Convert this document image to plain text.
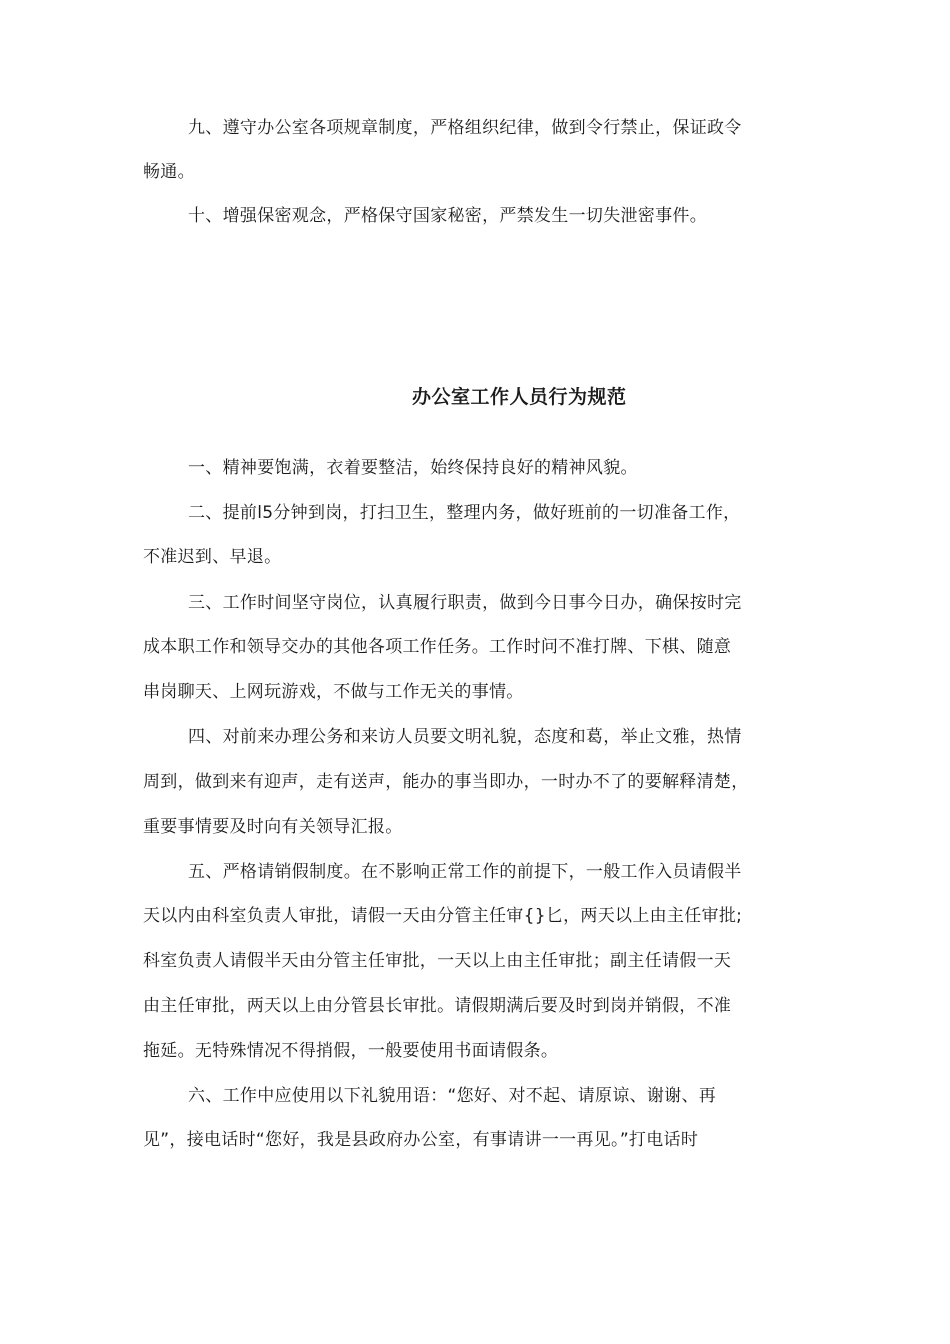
九、遵守办公室各项规章制度，严格组织纪律，做到令行禁止，保证政令
畅通。
十、增强保密观念，严格保守国家秘密，严禁发生一切失泄密事件。
办公室工作人员行为规范
一、精神要饱满，衣着要整洁，始终保持良好的精神风貌。
二、提前l5分钟到岗，打扫卫生，整理内务，做好班前的一切准备工作，
不准迟到、早退。
三、工作时间坚守岗位，认真履行职责，做到今日事今日办，确保按时完
成本职工作和领导交办的其他各项工作任务。工作时问不准打牌、下棋、随意
串岗聊天、上网玩游戏，不做与工作无关的事情。
四、对前来办理公务和来访人员要文明礼貌，态度和葛，举止文雅，热情
周到，做到来有迎声，走有送声，能办的事当即办，一时办不了的要解释清楚，
重要事情要及时向有关领导汇报。
五、严格请销假制度。在不影响正常工作的前提下，一般工作入员请假半
天以内由科室负责人审批，请假一天由分管主任审{}匕，两天以上由主任审批;
科室负责人请假半天由分管主任审批，一天以上由主任审批；副主任请假一天
由主任审批，两天以上由分管县长审批。请假期满后要及时到岗并销假，不准
拖延。无特殊情况不得捎假，一般要使用书面请假条。
六、工作中应使用以下礼貌用语：“您好、对不起、请原谅、谢谢、再
见”，接电话时“您好，我是县政府办公室，有事请讲一一再见。”打电话时
